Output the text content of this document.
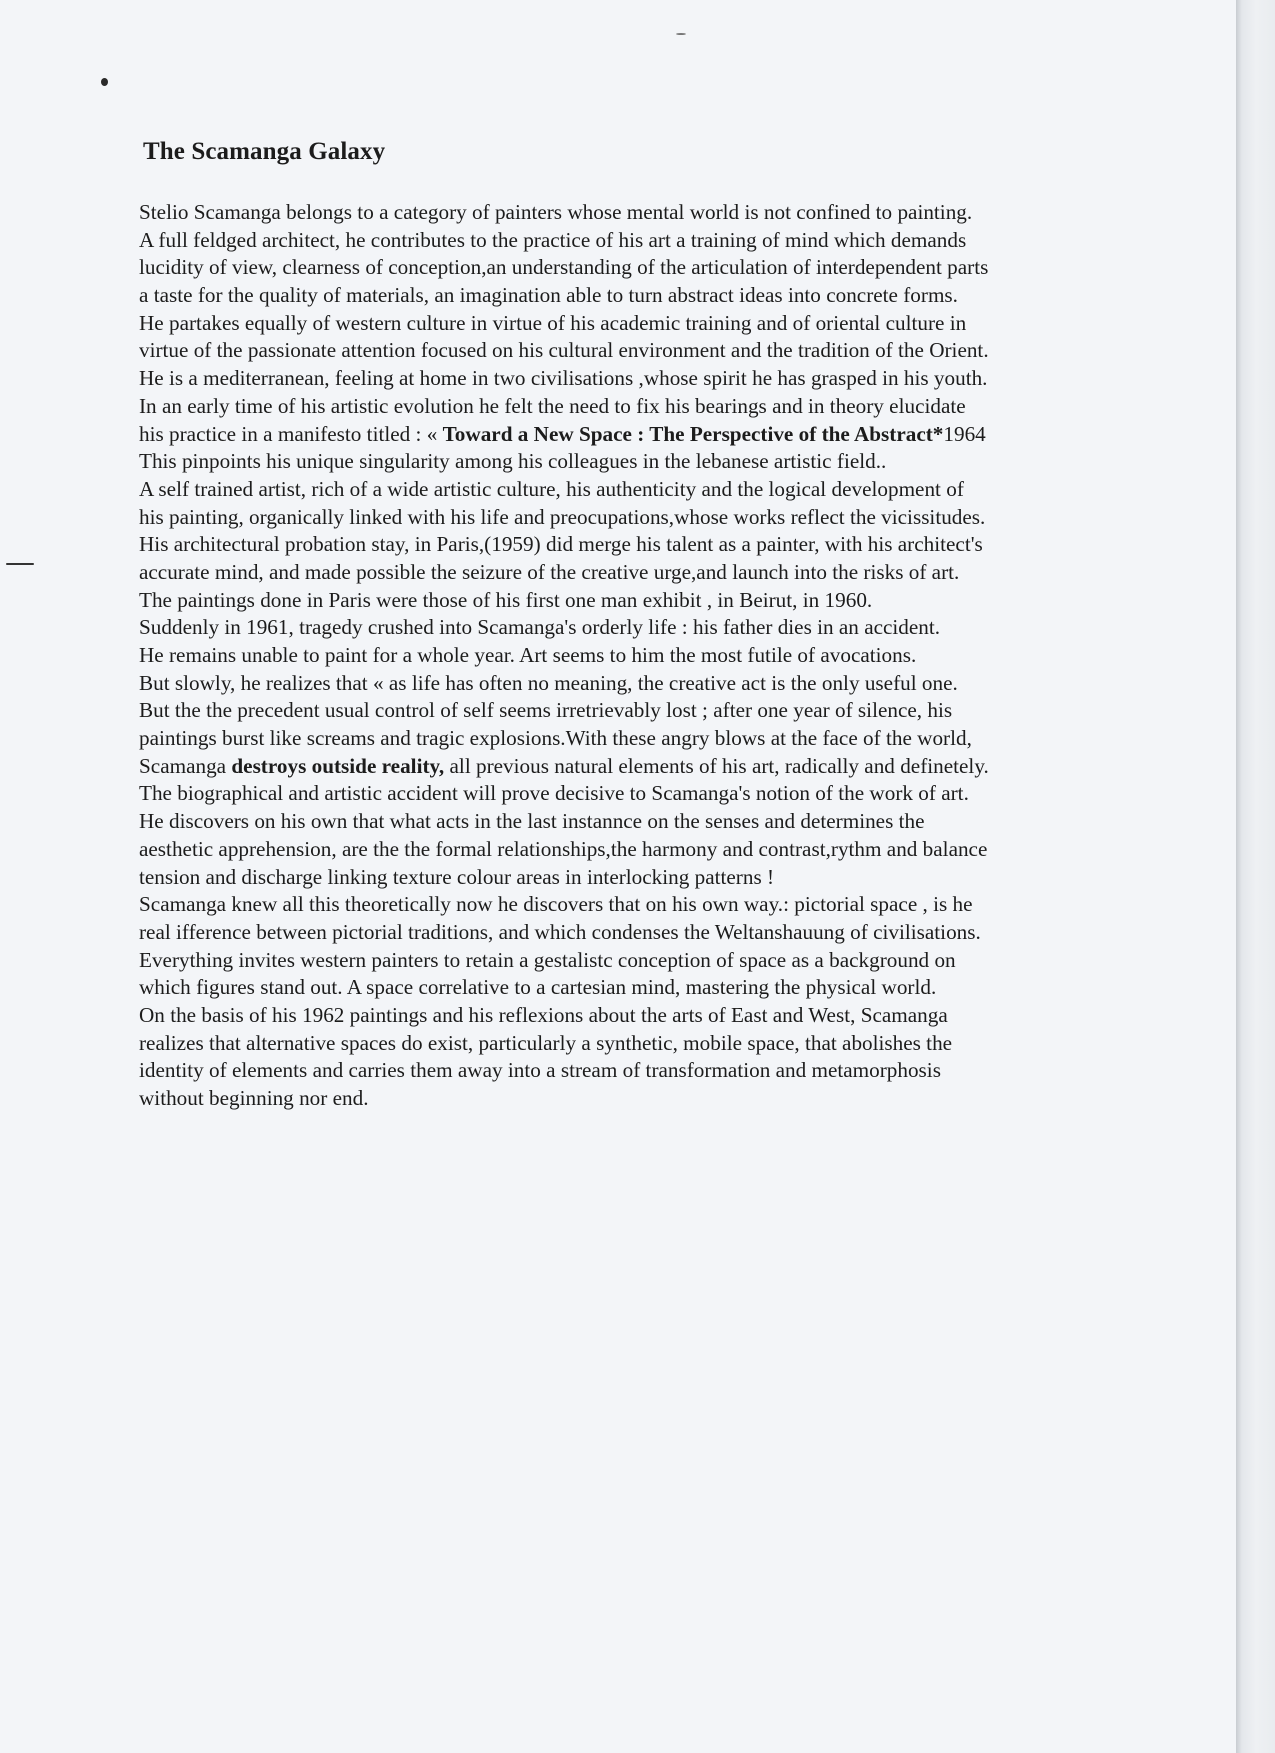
The Scamanga Galaxy
Stelio Scamanga belongs to a category of painters whose mental world is not confined to painting.
A full feldged architect, he contributes to the practice of his art a training of mind which demands
lucidity of view, clearness of conception,an understanding of the articulation of interdependent parts
a taste for the quality of materials, an imagination able to turn abstract ideas into concrete forms.
He partakes equally of western culture in virtue of his academic training and of oriental culture in
virtue of the passionate attention focused on his cultural environment and the tradition of the Orient.
He is a mediterranean, feeling at home in two civilisations ,whose spirit he has grasped in his youth.
In an early time of his artistic evolution he felt the need to fix his bearings and in theory elucidate
his practice in a manifesto titled : « Toward a New Space : The Perspective of the Abstract*1964
This pinpoints his unique singularity among his colleagues in the lebanese artistic field..
A self trained artist, rich of a wide artistic culture, his authenticity and the logical development of
his painting, organically linked with his life and preocupations,whose works reflect the vicissitudes.
His architectural probation stay, in Paris,(1959) did merge his talent as a painter, with his architect's
accurate mind, and made possible the seizure of the creative urge,and launch into the risks of art.
The paintings done in Paris were those of his first one man exhibit , in Beirut, in 1960.
Suddenly in 1961, tragedy crushed into Scamanga's orderly life : his father dies in an accident.
He remains unable to paint for a whole year. Art seems to him the most futile of avocations.
But slowly, he realizes that « as life has often no meaning, the creative act is the only useful one.
But the the precedent usual control of self seems irretrievably lost ; after one year of silence, his
paintings burst like screams and tragic explosions.With these angry blows at the face of the world,
Scamanga destroys outside reality, all previous natural elements of his art, radically and definetely.
The biographical and artistic accident will prove decisive to Scamanga's notion of the work of art.
He discovers on his own that what acts in the last instannce on the senses and determines the
aesthetic apprehension, are the the formal relationships,the harmony and contrast,rythm and balance
tension and discharge linking texture colour areas in interlocking patterns !
Scamanga knew all this theoretically now he discovers that on his own way.: pictorial space , is he
real ifference between pictorial traditions, and which condenses the Weltanshauung of civilisations.
Everything invites western painters to retain a gestalistc conception of space as a background on
which figures stand out. A space correlative to a cartesian mind, mastering the physical world.
On the basis of his 1962 paintings and his reflexions about the arts of East and West, Scamanga
realizes that alternative spaces do exist, particularly a synthetic, mobile space, that abolishes the
identity of elements and carries them away into a stream of transformation and metamorphosis
without beginning nor end.
